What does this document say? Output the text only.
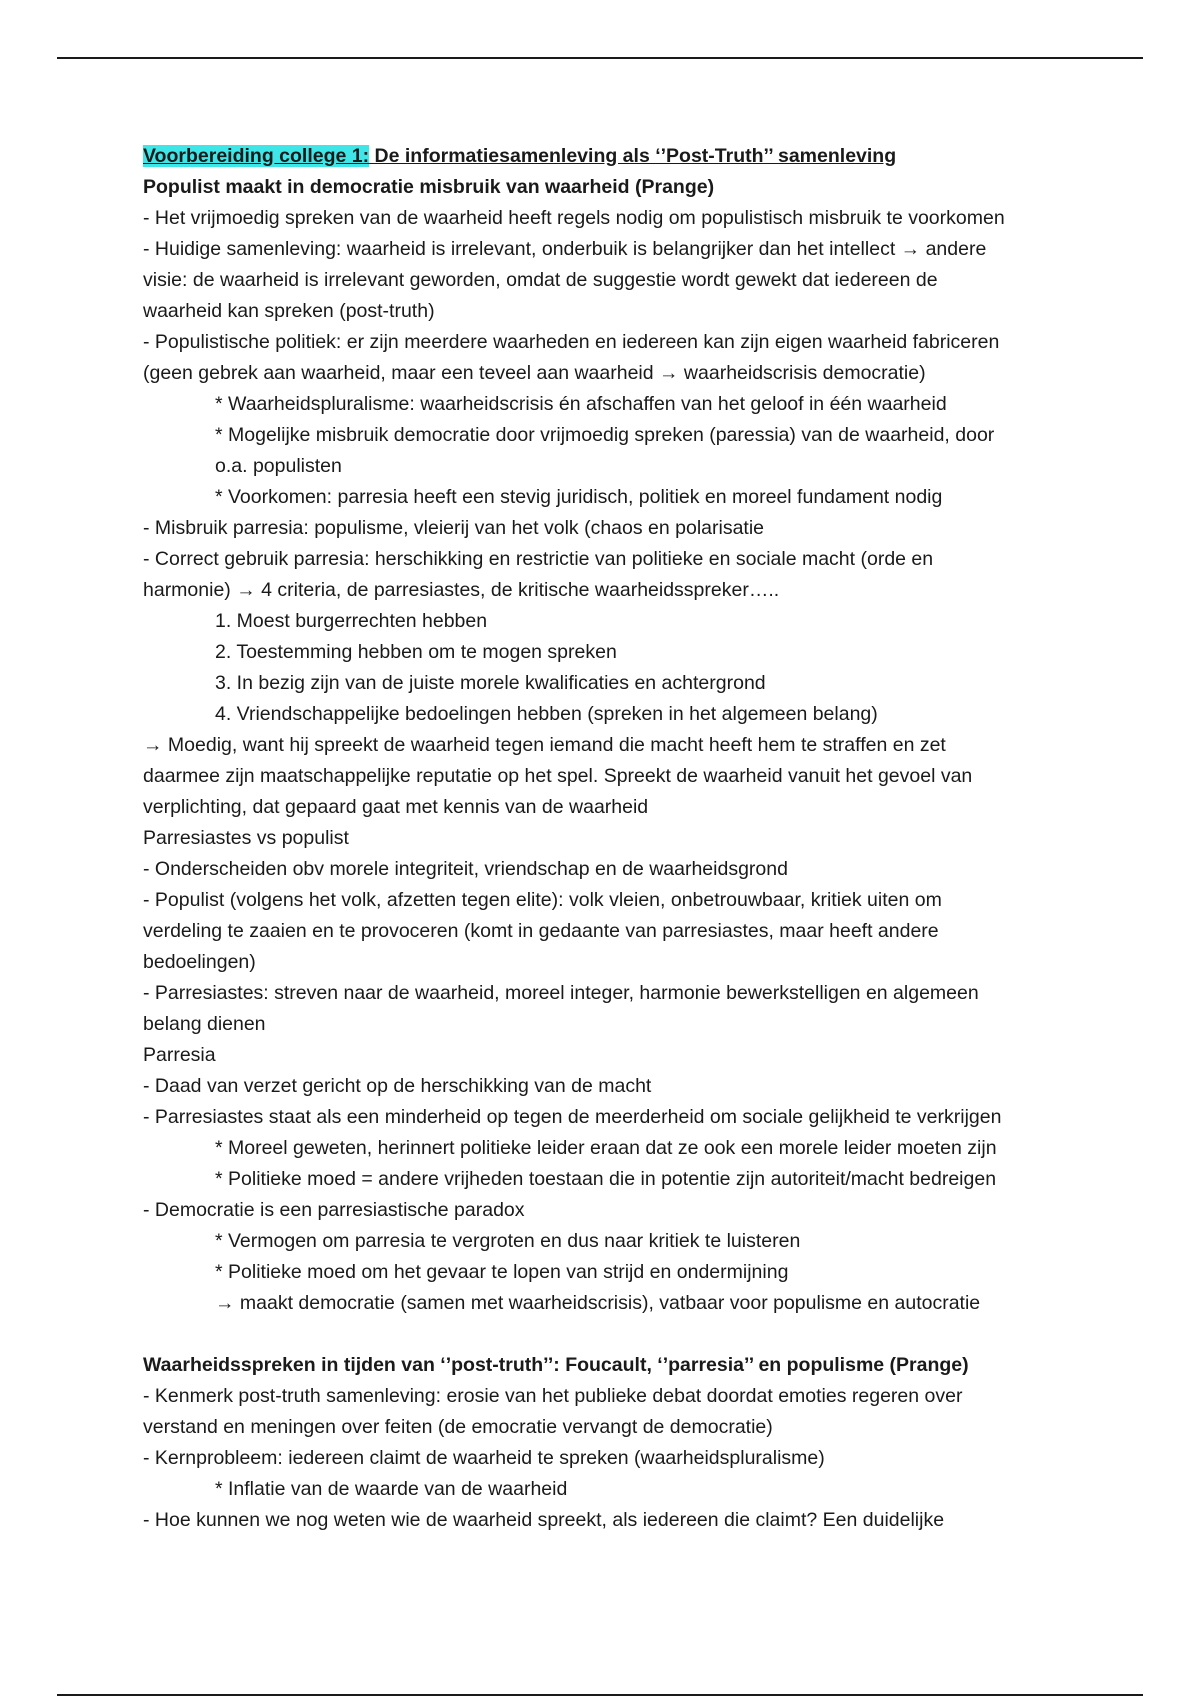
Voorbereiding college 1: De informatiesamenleving als ‘’Post-Truth’’ samenleving
Populist maakt in democratie misbruik van waarheid (Prange)
- Het vrijmoedig spreken van de waarheid heeft regels nodig om populistisch misbruik te voorkomen
- Huidige samenleving: waarheid is irrelevant, onderbuik is belangrijker dan het intellect → andere
visie: de waarheid is irrelevant geworden, omdat de suggestie wordt gewekt dat iedereen de
waarheid kan spreken (post-truth)
- Populistische politiek: er zijn meerdere waarheden en iedereen kan zijn eigen waarheid fabriceren
(geen gebrek aan waarheid, maar een teveel aan waarheid → waarheidscrisis democratie)
* Waarheidspluralisme: waarheidscrisis én afschaffen van het geloof in één waarheid
* Mogelijke misbruik democratie door vrijmoedig spreken (paressia) van de waarheid, door
o.a. populisten
* Voorkomen: parresia heeft een stevig juridisch, politiek en moreel fundament nodig
- Misbruik parresia: populisme, vleierij van het volk (chaos en polarisatie
- Correct gebruik parresia: herschikking en restrictie van politieke en sociale macht (orde en
harmonie) → 4 criteria, de parresiastes, de kritische waarheidsspreker…..
1. Moest burgerrechten hebben
2. Toestemming hebben om te mogen spreken
3. In bezig zijn van de juiste morele kwalificaties en achtergrond
4. Vriendschappelijke bedoelingen hebben (spreken in het algemeen belang)
→ Moedig, want hij spreekt de waarheid tegen iemand die macht heeft hem te straffen en zet
daarmee zijn maatschappelijke reputatie op het spel. Spreekt de waarheid vanuit het gevoel van
verplichting, dat gepaard gaat met kennis van de waarheid
Parresiastes vs populist
- Onderscheiden obv morele integriteit, vriendschap en de waarheidsgrond
- Populist (volgens het volk, afzetten tegen elite): volk vleien, onbetrouwbaar, kritiek uiten om
verdeling te zaaien en te provoceren (komt in gedaante van parresiastes, maar heeft andere
bedoelingen)
- Parresiastes: streven naar de waarheid, moreel integer, harmonie bewerkstelligen en algemeen
belang dienen
Parresia
- Daad van verzet gericht op de herschikking van de macht
- Parresiastes staat als een minderheid op tegen de meerderheid om sociale gelijkheid te verkrijgen
* Moreel geweten, herinnert politieke leider eraan dat ze ook een morele leider moeten zijn
* Politieke moed = andere vrijheden toestaan die in potentie zijn autoriteit/macht bedreigen
- Democratie is een parresiastische paradox
* Vermogen om parresia te vergroten en dus naar kritiek te luisteren
* Politieke moed om het gevaar te lopen van strijd en ondermijning
→ maakt democratie (samen met waarheidscrisis), vatbaar voor populisme en autocratie
Waarheidsspreken in tijden van ‘’post-truth’’: Foucault, ‘’parresia’’ en populisme (Prange)
- Kenmerk post-truth samenleving: erosie van het publieke debat doordat emoties regeren over
verstand en meningen over feiten (de emocratie vervangt de democratie)
- Kernprobleem: iedereen claimt de waarheid te spreken (waarheidspluralisme)
* Inflatie van de waarde van de waarheid
- Hoe kunnen we nog weten wie de waarheid spreekt, als iedereen die claimt? Een duidelijke
